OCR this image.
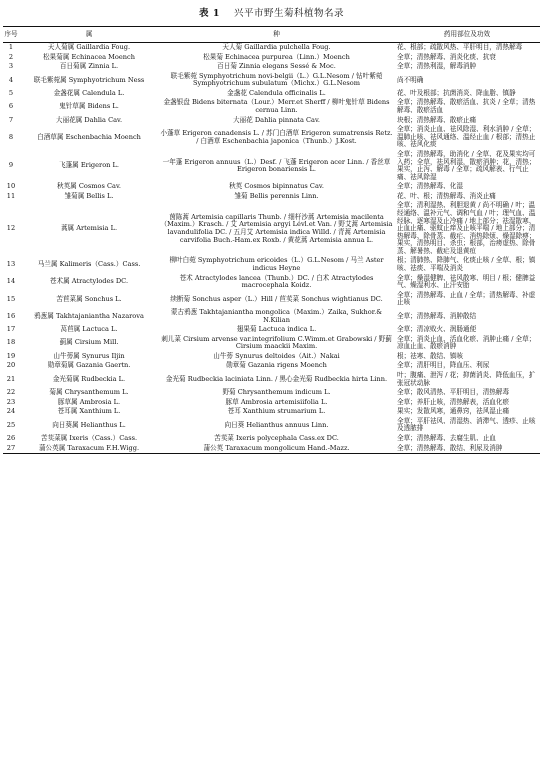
表 1 兴平市野生菊科植物名录
序号	属	种	药用部位及功效
1	天人菊属 Gaillardia Foug.	天人菊 Gaillardia pulchella Foug.	花、根部；疏散风热、平肝明目，清热解毒
2	松果菊属 Echinacea Moench	松果菊 Echinacea purpurea（Linn.）Moench	全草；清热解毒、消炎化痰、抗衰
3	百日菊属 Zinnia L.	百日菊 Zinnia elegans Sessé & Moc.	全草；清热利湿，解毒消肿
4	联毛紫菀属 Symphyotrichum Ness	联毛紫菀 Symphyotrichum novi-belgii（L.）G.L.Nesom / 钻叶紫菀 Symphyotrichum subulatum（Michx.）G.L.Nesom	尚不明确
5	金盏花属 Calendula L.	金盏花 Calendula officinalis L.	花、叶及根部；抗菌消炎、降血脂、镇静
6	鬼针草属 Bidens L.	金盏银盘 Bidens biternata（Lour.）Merr.et Sherff / 柳叶鬼针草 Bidens cernua Linn.	全草；清热解毒、散瘀活血、抗炎 / 全草；清热解毒、散瘀活血
7	大丽花属 Dahlia Cav.	大丽花 Dahlia pinnata Cav.	块根；清热解毒、散瘀止痛
8	白酒草属 Eschenbachia Moench	小蓬草 Erigeron canadensis L. / 苏门白酒草 Erigeron sumatrensis Retz. / 白酒草 Eschenbachia japonica（Thunb.）J.Kost.	全草；消炎止血、祛风除湿、利水消肿 / 全草；温肺止咳、祛风通络、温经止血 / 根部；清热止咳、祛风化痰
9	飞蓬属 Erigeron L.	一年蓬 Erigeron annuus（L.）Desf. / 飞蓬 Erigeron acer Linn. / 香丝草 Erigeron bonariensis L.	全草；清热解毒，助消化 / 全草、花及果实均可入药；全草，祛风利湿，散瘀消肿；花，清热；果实，止泻、解毒 / 全草；疏风解表、行气止痛、祛风除湿
10	秋英属 Cosmos Cav.	秋英 Cosmos bipinnatus Cav.	全草；清热解毒、化湿
11	雏菊属 Bellis L.	雏菊 Bellis perennis Linn.	花、叶、根；清热解毒、消炎止痛
12	蒿属 Artemisia L.	茵陈蒿 Artemisia capillaris Thunb. / 细杆沙蒿 Artemisia macilenta（Maxim.）Krasch. / 艾 Artemisia argyi Lévl.et Van. / 野艾蒿 Artemisia lavandulifolia DC. / 五月艾 Artemisia indica Willd. / 青蒿 Artemisia carvifolia Buch.-Ham.ex Roxb. / 黄花蒿 Artemisia annua L.	全草；清利湿热、利胆退黄 / 尚不明确 / 叶；温经通络、温补元气、调和气血 / 叶；理气血、温经脉、逐寒湿及止冷痛 / 地上部分；祛湿散寒、止血止痛、驱蚊止痒及止咳平喘 / 地上部分；清热解毒、除骨蒸、截疟、消热除烦、燥湿除痹；果实，清热明目、杀虫；根部，治痨虚热、除骨蒸、解暑热、截疟及退黄疸
13	马兰属 Kalimeris（Cass.）Cass.	柳叶白菀 Symphyotrichum ericoides（L.）G.L.Nesom / 马兰 Aster indicus Heyne	根；清肺热、降肺气、化痰止咳 / 全草、根；镇咳、祛痰、平喘及消炎
14	苍术属 Atractylodes DC.	苍术 Atractylodes lancea（Thunb.）DC. / 白术 Atractylodes macrocephala Koidz.	全草；燥湿健脾、祛风散寒、明目 / 根；健脾益气、燥湿利水、止汗安胎
15	苦苣菜属 Sonchus L.	续断菊 Sonchus asper（L.）Hill / 苣荬菜 Sonchus wightianus DC.	全草；清热解毒、止血 / 全草；清热解毒、补虚止咳
16	鸦葱属 Takhtajaniantha Nazarova	蒙古鸦葱 Takhtajaniantha mongolica（Maxim.）Zaika, Sukhor.& N.Kilian	全草；清热解毒、消肿散结
17	莴苣属 Lactuca L.	翅果菊 Lactuca indica L.	全草；清凉败火、润肠通便
18	蓟属 Cirsium Mill.	刺儿菜 Cirsium arvense var.integrifolium C.Wimm.et Grabowski / 野蓟 Cirsium maackii Maxim.	全草；消炎止血、活血化瘀、消肿止痛 / 全草；凉血止血、散瘀消肿
19	山牛蒡属 Synurus Iljin	山牛蒡 Synurus deltoides（Ait.）Nakai	根；祛寒、散结、镇咳
20	勋章菊属 Gazania Gaertn.	勋章菊 Gazania rigens Moench	全草；清肝明目，降血压、利尿
21	金光菊属 Rudbeckia L.	金光菊 Rudbeckia laciniata Linn. / 黑心金光菊 Rudbeckia hirta Linn.	叶；腹痛、泄泻 / 花；抑菌消炎、降低血压，扩张冠状动脉
22	菊属 Chrysanthemum L.	野菊 Chrysanthemum indicum L.	全草；散风清热、平肝明目，清热解毒
23	豚草属 Ambrosia L.	豚草 Ambrosia artemisiifolia L.	全草；养肝止咳，清热解表，活血化瘀
24	苍耳属 Xanthium L.	苍耳 Xanthium strumarium L.	果实；发散风寒，通鼻窍，祛风湿止痛
25	向日葵属 Helianthus L.	向日葵 Helianthus annuus Linn.	全草；平肝祛风、清湿热、消滞气、透疹、止咳及透脓排
26	苦荬菜属 Ixeris（Cass.）Cass.	苦荬菜 Ixeris polycephala Cass.ex DC.	全草；清热解毒、去腐生肌、止血
27	蒲公英属 Taraxacum F.H.Wigg.	蒲公英 Taraxacum mongolicum Hand.-Mazz.	全草；清热解毒、散结、利尿及消肿
